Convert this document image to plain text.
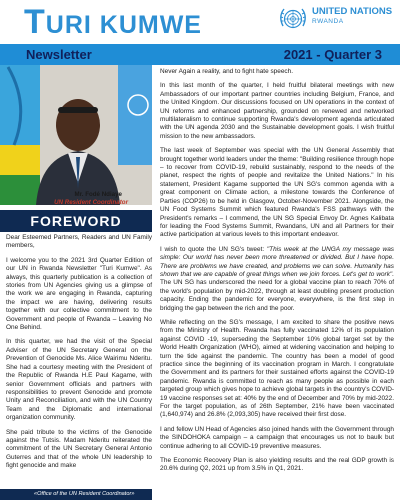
TURI KUMWE	UNITED NATIONS
RWANDA
Newsletter	2021 - Quarter 3
Mr. Fodé Ndiaye
UN Resident Coordinator
FOREWORD

Dear Esteemed Partners, Readers and UN Family members,

I welcome you to the 2021 3rd Quarter Edition of our UN in Rwanda Newsletter "Turi Kumwe". As always, this quarterly publication is a collection of stories from UN Agencies giving us a glimpse of the work we are engaging in Rwanda, capturing the impact we are having, delivering results together with our collective commitment to the Government and people of Rwanda – Leaving No One Behind.

In this quarter, we had the visit of the Special Adviser of the UN Secretary General on the Prevention of Genocide Ms. Alice Wairimu Nderitu. She had a courtesy meeting with the President of the Republic of Rwanda H.E Paul Kagame, with senior Government officials and partners with responsibilities to prevent Genocide and promote Unity and Reconciliation, and with the UN Country Team and the Diplomatic and international organization community.

She paid tribute to the victims of the Genocide against the Tutsis. Madam Nderitu reiterated the commitment of the UN Secretary General Antonio Guterres and that of the whole UN leadership to fight genocide and make

«Office of the UN Resident Coordinator»

Never Again a reality, and to fight hate speech.

In this last month of the quarter, I held fruitful bilateral meetings with new Ambassadors of our important partner countries including Belgium, France, and the United Kingdom. Our discussions focused on UN operations in the context of UN reforms and enhanced partnership, grounded on renewed and networked multilateralism to continue supporting Rwanda's development agenda articulated with the UN agenda 2030 and the Sustainable development goals. I wish fruitful mission to the new ambassadors.

The last week of September was special with the UN General Assembly that brought together world leaders under the theme: "Building resilience through hope – to recover from COVID-19, rebuild sustainably, respond to the needs of the planet, respect the rights of people and revitalize the United Nations." In his statement, President Kagame supported the UN SG's common agenda with a great component on Climate action, a milestone towards the Conference of Parties (COP26) to be held in Glasgow, October-November 2021. Alongside, the UN Food Systems Summit which featured Rwanda's FSS pathways with the President's remarks – I commend, the UN SG Special Envoy Dr. Agnes Kalibata for leading the Food Systems Summit, Rwandans, UN and all Partners for their active participation at various levels to this important endeavor.

I wish to quote the UN SG's tweet: "This week at the UNGA my message was simple: Our world has never been more threatened or divided. But I have hope. There are problems we have created, and problems we can solve. Humanity has shown that we are capable of great things when we join forces. Let's get to work". The UN SG has underscored the need for a global vaccine plan to reach 70% of the world's population by mid-2022, through at least doubling present production capacity. Ending the pandemic for everyone, everywhere, is the first step in bridging the gap between the rich and the poor.

While reflecting on the SG's message, I am excited to share the positive news from the Ministry of Health. Rwanda has fully vaccinated 12% of its population against COVID -19, superseding the September 10% global target set by the World Health Organization (WHO), aimed at widening vaccination and helping to turn the tide against the pandemic. The country has been a model of good practice since the beginning of its vaccination program in March. I congratulate the Government and its partners for their sustained efforts against the COVID-19 pandemic. Rwanda is committed to reach as many people as possible in each targeted group which gives hope to achieve global targets in the country's COVID-19 vaccine responses set at: 40% by the end of December and 70% by mid-2022. For the target population, as of 26th September, 21% have been vaccinated (1,640,974) and 26.8% (2,093,305) have received their first dose.

I and fellow UN Head of Agencies also joined hands with the Government through the SINDOHOKA campaign – a campaign that encourages us not to baulk but continue adhering to all COVID-19 preventive measures.

The Economic Recovery Plan is also yielding results and the real GDP growth is 20.6% during Q2, 2021 up from 3.5% in Q1, 2021.
